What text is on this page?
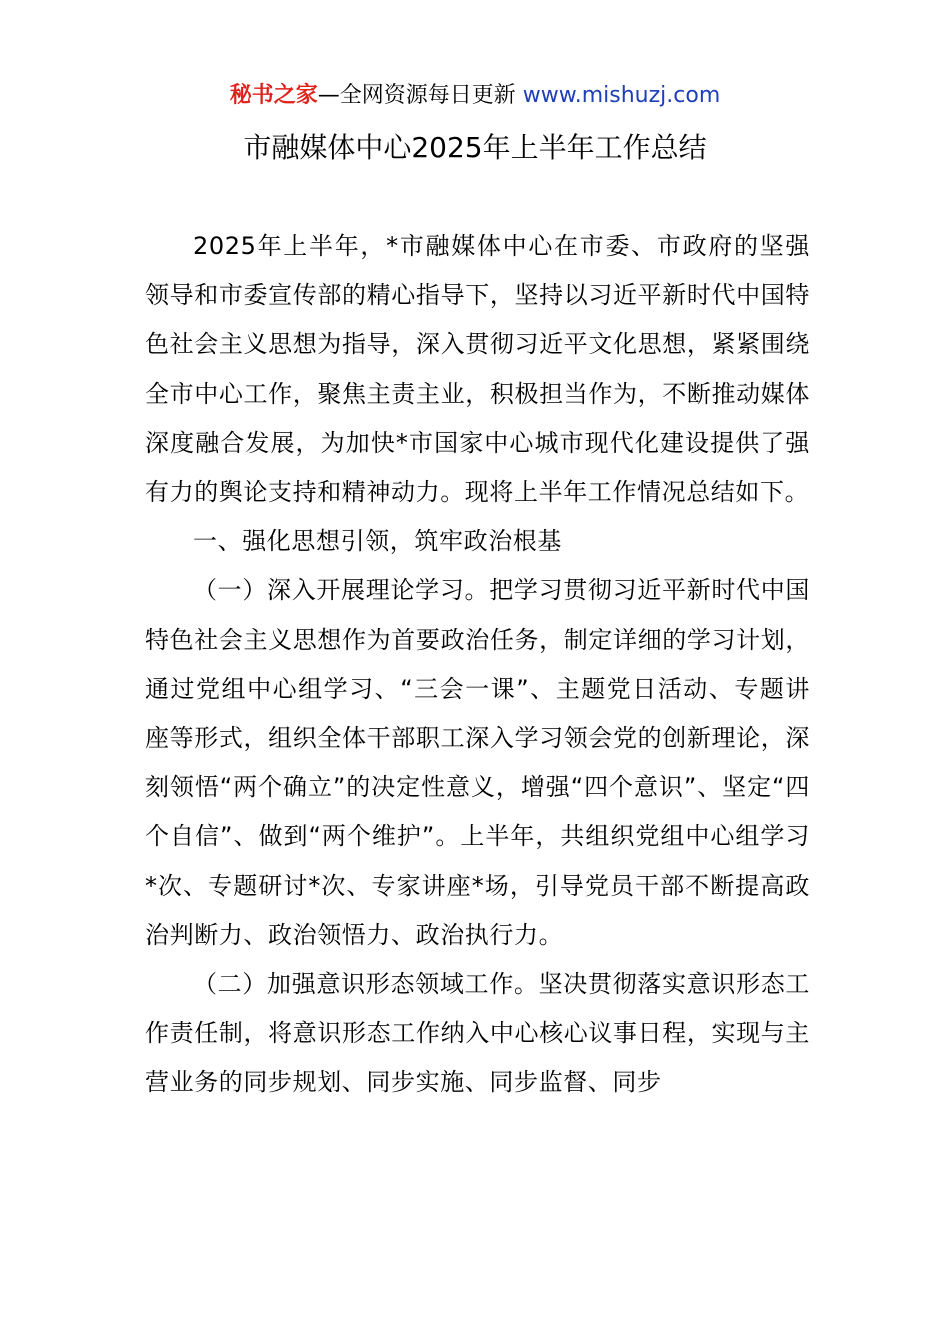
秘书之家—全网资源每日更新 www.mishuzj.com
市融媒体中心2025年上半年工作总结

2025年上半年，*市融媒体中心在市委、市政府的坚强领导和市委宣传部的精心指导下，坚持以习近平新时代中国特色社会主义思想为指导，深入贯彻习近平文化思想，紧紧围绕全市中心工作，聚焦主责主业，积极担当作为，不断推动媒体深度融合发展，为加快*市国家中心城市现代化建设提供了强有力的舆论支持和精神动力。现将上半年工作情况总结如下。

一、强化思想引领，筑牢政治根基

（一）深入开展理论学习。把学习贯彻习近平新时代中国特色社会主义思想作为首要政治任务，制定详细的学习计划，通过党组中心组学习、“三会一课”、主题党日活动、专题讲座等形式，组织全体干部职工深入学习领会党的创新理论，深刻领悟“两个确立”的决定性意义，增强“四个意识”、坚定“四个自信”、做到“两个维护”。上半年，共组织党组中心组学习*次、专题研讨*次、专家讲座*场，引导党员干部不断提高政治判断力、政治领悟力、政治执行力。

（二）加强意识形态领域工作。坚决贯彻落实意识形态工作责任制，将意识形态工作纳入中心核心议事日程，实现与主营业务的同步规划、同步实施、同步监督、同步
